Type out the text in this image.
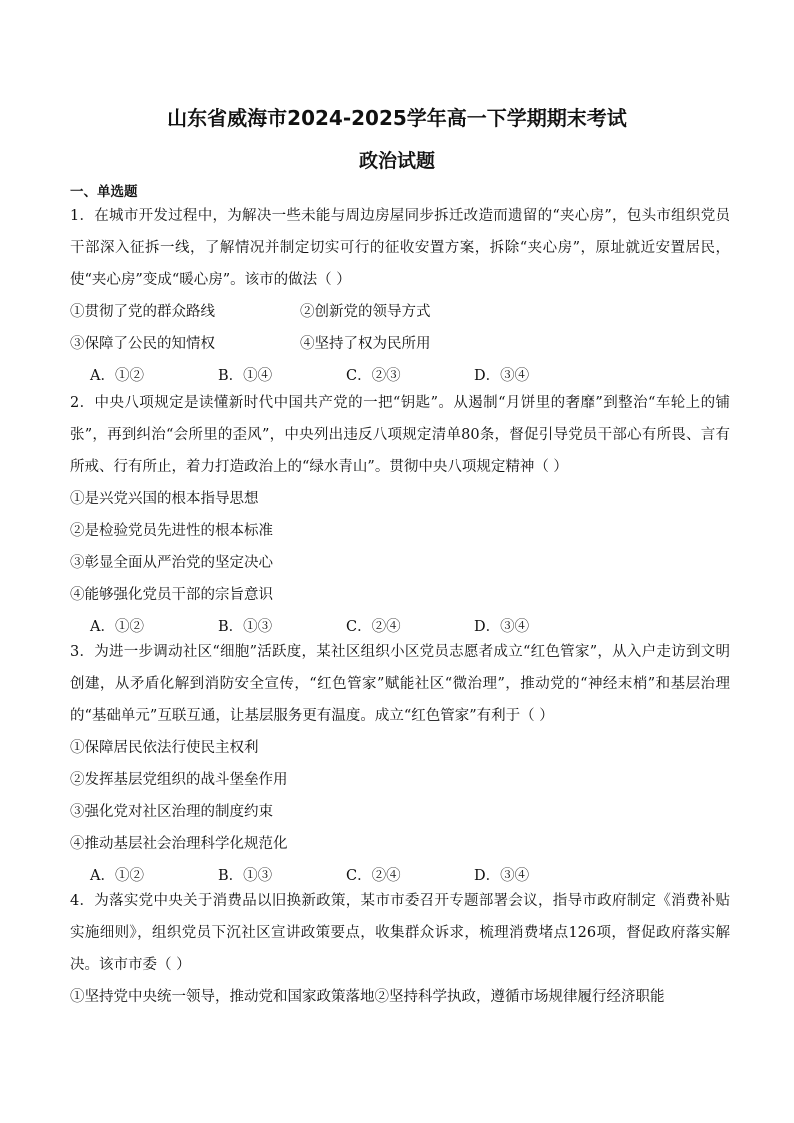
山东省威海市2024-2025学年高一下学期期末考试
政治试题
一、单选题

1．在城市开发过程中，为解决一些未能与周边房屋同步拆迁改造而遗留的“夹心房”，包头市组织党员干部深入征拆一线，了解情况并制定切实可行的征收安置方案，拆除“夹心房”，原址就近安置居民，使“夹心房”变成“暖心房”。该市的做法（ ）

①贯彻了党的群众路线	②创新党的领导方式

③保障了公民的知情权	④坚持了权为民所用

A．①②	B．①④	C．②③	D．③④

2．中央八项规定是读懂新时代中国共产党的一把“钥匙”。从遏制“月饼里的奢靡”到整治“车轮上的铺张”，再到纠治“会所里的歪风”，中央列出违反八项规定清单80条，督促引导党员干部心有所畏、言有所戒、行有所止，着力打造政治上的“绿水青山”。贯彻中央八项规定精神（ ）

①是兴党兴国的根本指导思想

②是检验党员先进性的根本标准

③彰显全面从严治党的坚定决心

④能够强化党员干部的宗旨意识

A．①②	B．①③	C．②④	D．③④

3．为进一步调动社区“细胞”活跃度，某社区组织小区党员志愿者成立“红色管家”，从入户走访到文明创建，从矛盾化解到消防安全宣传，“红色管家”赋能社区“微治理”，推动党的“神经末梢”和基层治理的“基础单元”互联互通，让基层服务更有温度。成立“红色管家”有利于（ ）

①保障居民依法行使民主权利

②发挥基层党组织的战斗堡垒作用

③强化党对社区治理的制度约束

④推动基层社会治理科学化规范化

A．①②	B．①③	C．②④	D．③④

4．为落实党中央关于消费品以旧换新政策，某市市委召开专题部署会议，指导市政府制定《消费补贴实施细则》，组织党员下沉社区宣讲政策要点，收集群众诉求，梳理消费堵点126项，督促政府落实解决。该市市委（ ）

①坚持党中央统一领导，推动党和国家政策落地 ②坚持科学执政，遵循市场规律履行经济职能
